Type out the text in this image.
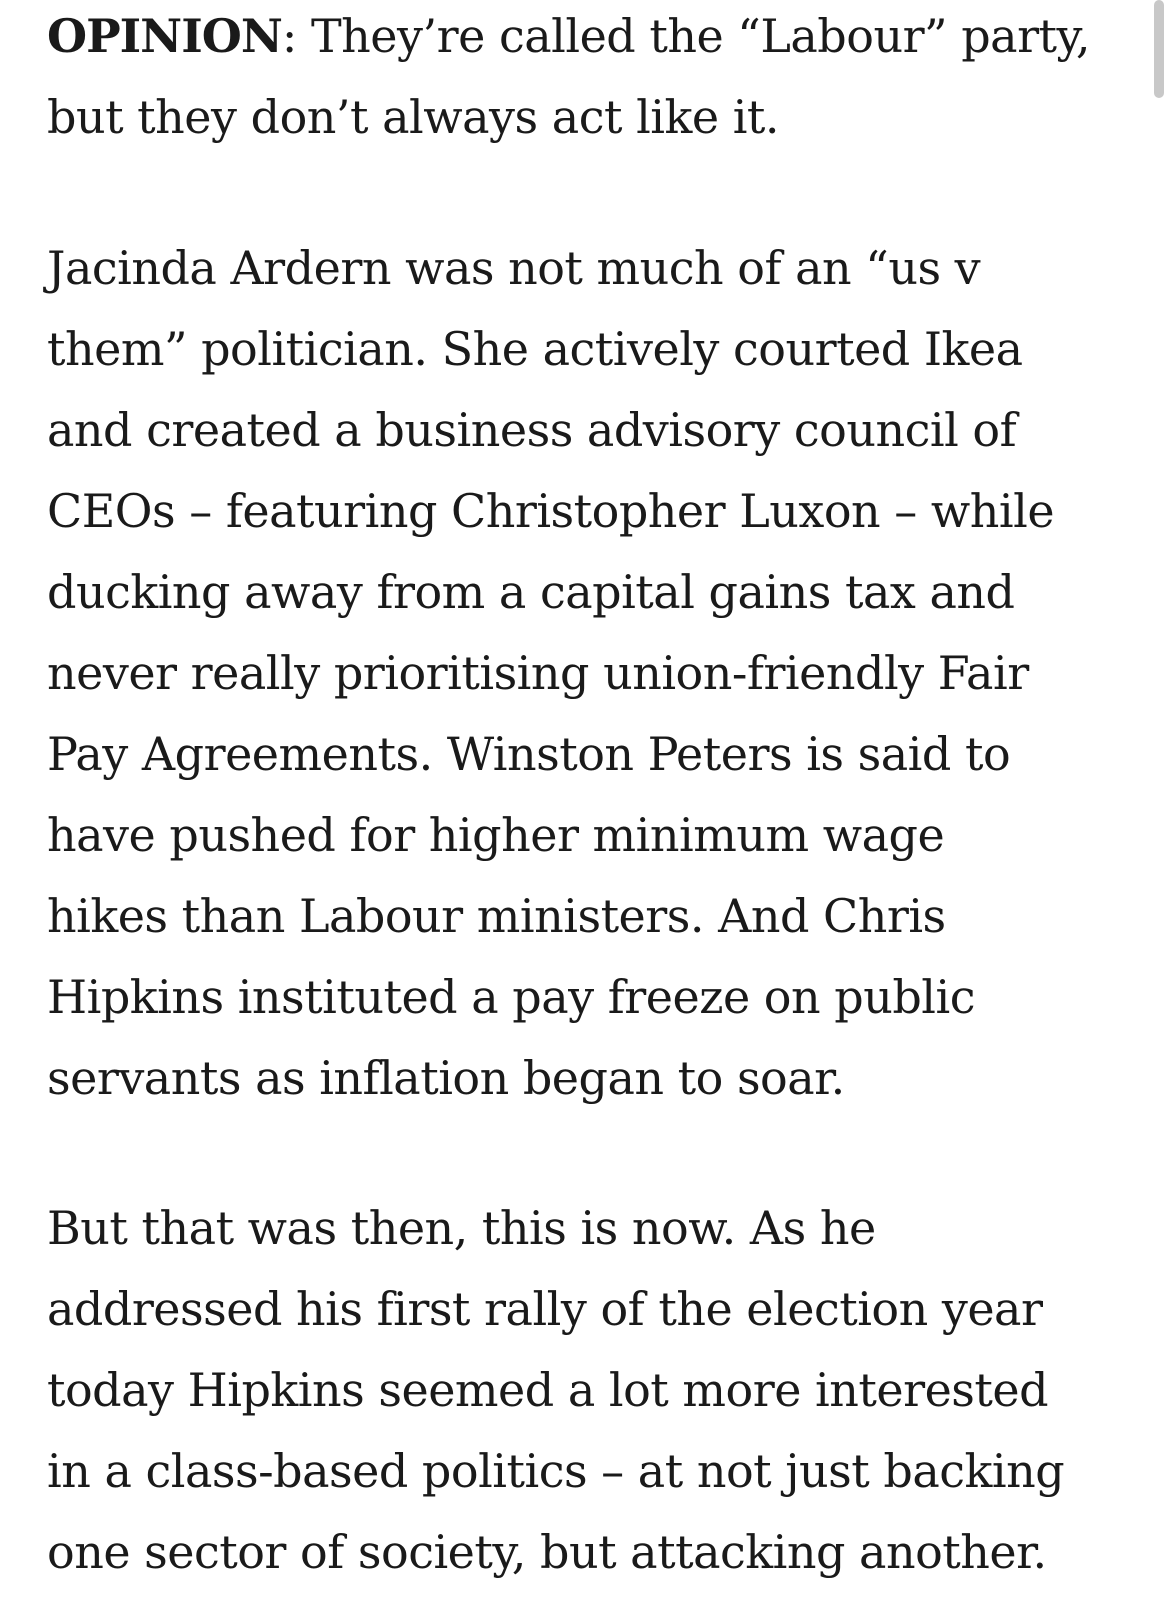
OPINION: They’re called the “Labour” party,
but they don’t always act like it.

Jacinda Ardern was not much of an “us v
them” politician. She actively courted Ikea
and created a business advisory council of
CEOs – featuring Christopher Luxon – while
ducking away from a capital gains tax and
never really prioritising union-friendly Fair
Pay Agreements. Winston Peters is said to
have pushed for higher minimum wage
hikes than Labour ministers. And Chris
Hipkins instituted a pay freeze on public
servants as inflation began to soar.

But that was then, this is now. As he
addressed his first rally of the election year
today Hipkins seemed a lot more interested
in a class-based politics – at not just backing
one sector of society, but attacking another.
